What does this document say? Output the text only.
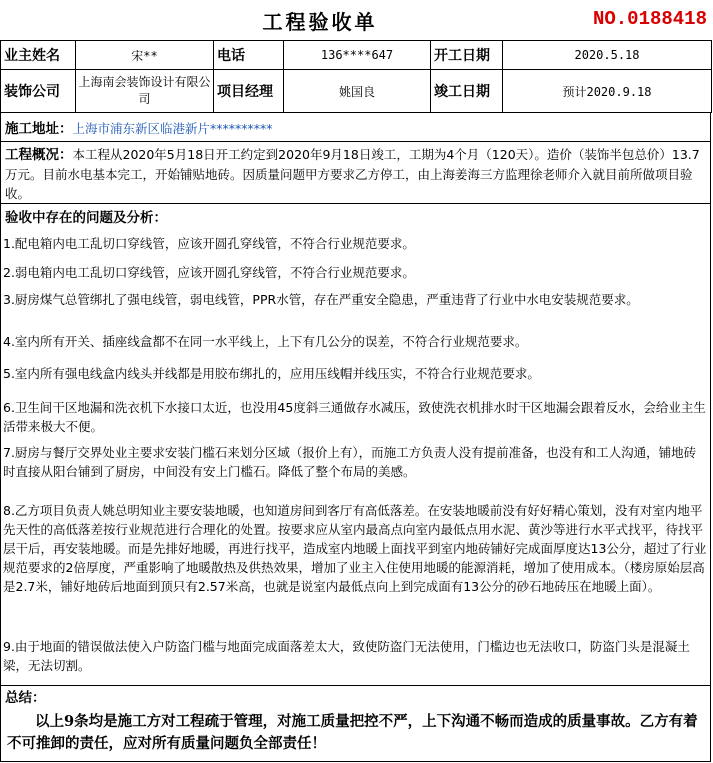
工程验收单	NO.0188418
业主姓名	宋**	电话	136****647	开工日期	2020.5.18
装饰公司	上海南会装饰设计有限公司	项目经理	姚国良	竣工日期	预计2020.9.18
施工地址：上海市浦东新区临港新片**********
工程概况：本工程从2020年5月18日开工约定到2020年9月18日竣工，工期为4个月（120天）。造价（装饰半包总价）13.7万元。目前水电基本完工，开始铺贴地砖。因质量问题甲方要求乙方停工，由上海姜海三方监理徐老师介入就目前所做项目验收。
验收中存在的问题及分析：
1.配电箱内电工乱切口穿线管，应该开圆孔穿线管，不符合行业规范要求。
2.弱电箱内电工乱切口穿线管，应该开圆孔穿线管，不符合行业规范要求。
3.厨房煤气总管绑扎了强电线管，弱电线管，PPR水管，存在严重安全隐患，严重违背了行业中水电安装规范要求。
4.室内所有开关、插座线盒都不在同一水平线上，上下有几公分的误差，不符合行业规范要求。
5.室内所有强电线盒内线头并线都是用胶布绑扎的，应用压线帽并线压实，不符合行业规范要求。
6.卫生间干区地漏和洗衣机下水接口太近，也没用45度斜三通做存水减压，致使洗衣机排水时干区地漏会跟着反水，会给业主生活带来极大不便。
7.厨房与餐厅交界处业主要求安装门槛石来划分区域（报价上有），而施工方负责人没有提前准备，也没有和工人沟通，铺地砖时直接从阳台铺到了厨房，中间没有安上门槛石。降低了整个布局的美感。
8.乙方项目负责人姚总明知业主要安装地暖，也知道房间到客厅有高低落差。在安装地暖前没有好好精心策划，没有对室内地平先天性的高低落差按行业规范进行合理化的处置。按要求应从室内最高点向室内最低点用水泥、黄沙等进行水平式找平，待找平层干后，再安装地暖。而是先排好地暖，再进行找平，造成室内地暖上面找平到室内地砖铺好完成面厚度达13公分，超过了行业规范要求的2倍厚度，严重影响了地暖散热及供热效果，增加了业主入住使用地暖的能源消耗，增加了使用成本。（楼房原始层高是2.7米，铺好地砖后地面到顶只有2.57米高，也就是说室内最低点向上到完成面有13公分的砂石地砖压在地暖上面）。
9.由于地面的错误做法使入户防盗门槛与地面完成面落差太大，致使防盗门无法使用，门槛边也无法收口，防盗门头是混凝土梁，无法切割。
总结：
以上9条均是施工方对工程疏于管理，对施工质量把控不严，上下沟通不畅而造成的质量事故。乙方有着不可推卸的责任，应对所有质量问题负全部责任！
